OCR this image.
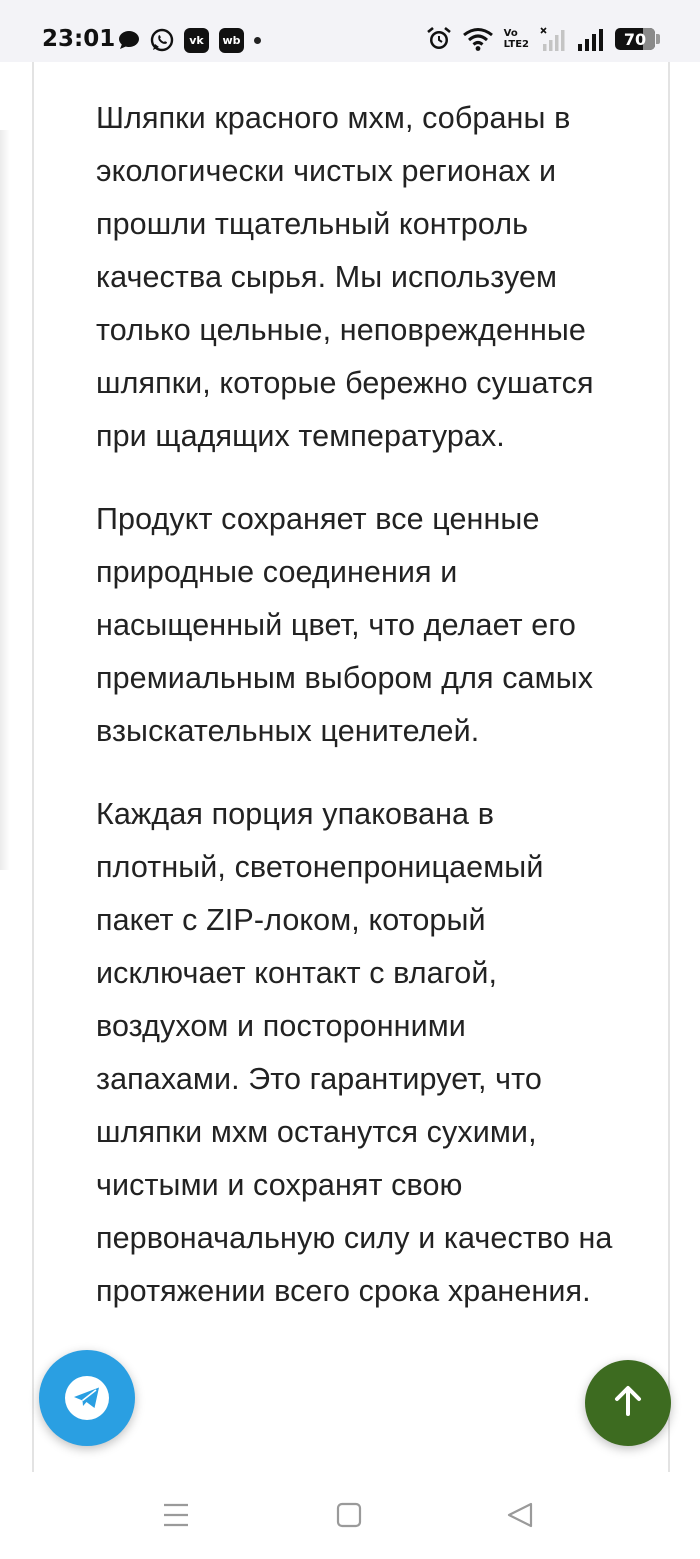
23:01	vk	wb	Vo
LTE2	70

Шляпки красного мхм, собраны в экологически чистых регионах и прошли тщательный контроль качества сырья. Мы используем только цельные, неповрежденные шляпки, которые бережно сушатся при щадящих температурах.

Продукт сохраняет все ценные природные соединения и насыщенный цвет, что делает его премиальным выбором для самых взыскательных ценителей.

Каждая порция упакована в плотный, светонепроницаемый пакет с ZIP-локом, который исключает контакт с влагой, воздухом и посторонними запахами. Это гарантирует, что шляпки мхм останутся сухими, чистыми и сохранят свою первоначальную силу и качество на протяжении всего срока хранения.
